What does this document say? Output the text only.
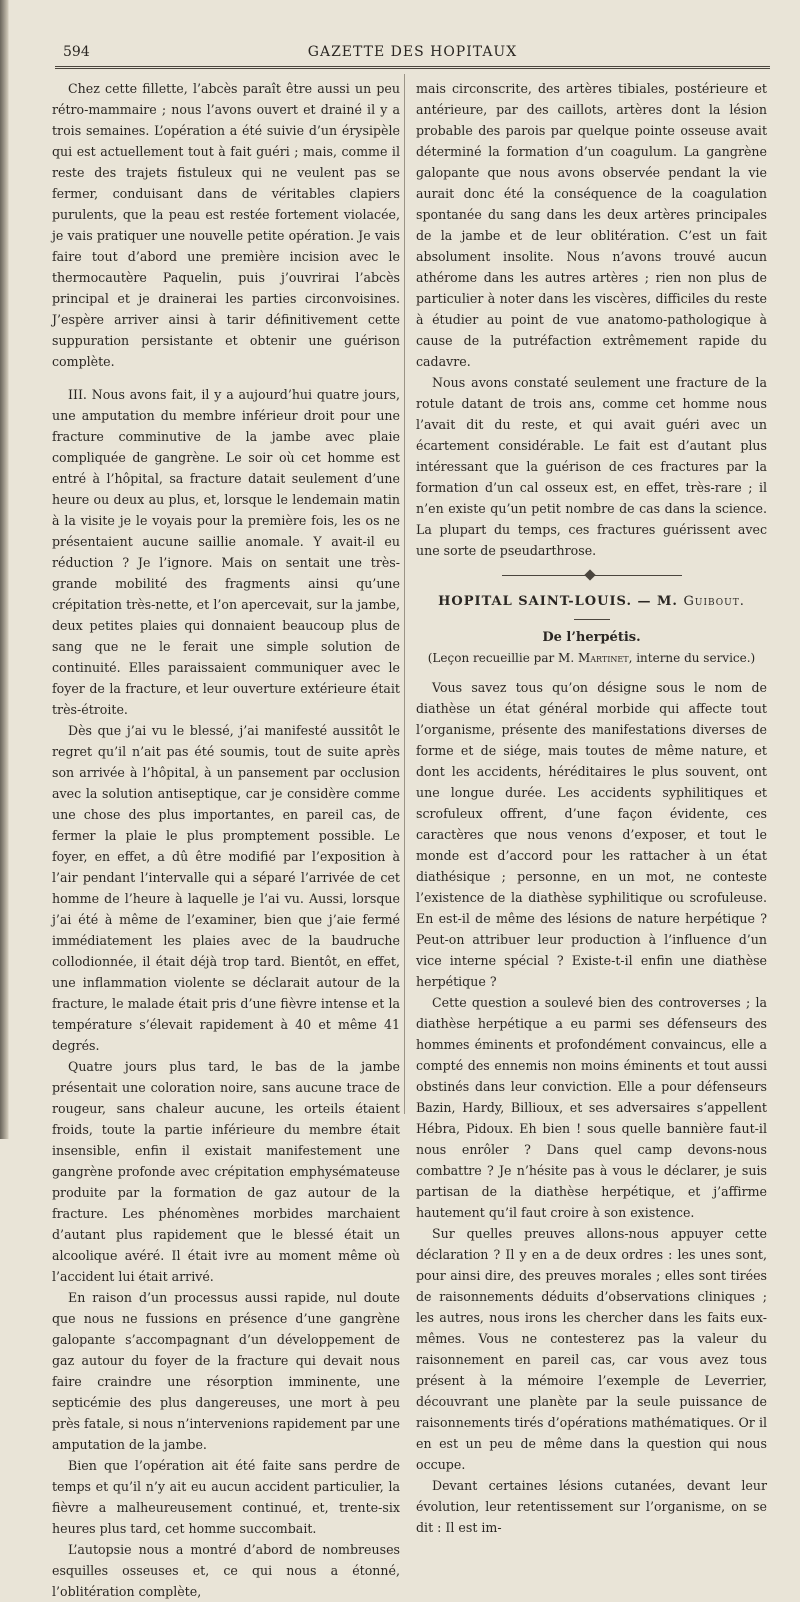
594	GAZETTE DES HOPITAUX

Chez cette fillette, l’abcès paraît être aussi un peu rétro-mammaire ; nous l’avons ouvert et drainé il y a trois semaines. L’opération a été suivie d’un érysipèle qui est actuellement tout à fait guéri ; mais, comme il reste des trajets fistuleux qui ne veulent pas se fermer, conduisant dans de véritables clapiers purulents, que la peau est restée fortement violacée, je vais pratiquer une nouvelle petite opération. Je vais faire tout d’abord une première incision avec le thermocautère Paquelin, puis j’ouvrirai l’abcès principal et je drainerai les parties circonvoisines. J’espère arriver ainsi à tarir définitivement cette suppuration persistante et obtenir une guérison complète.

III. Nous avons fait, il y a aujourd’hui quatre jours, une amputation du membre inférieur droit pour une fracture comminutive de la jambe avec plaie compliquée de gangrène. Le soir où cet homme est entré à l’hôpital, sa fracture datait seulement d’une heure ou deux au plus, et, lorsque le lendemain matin à la visite je le voyais pour la première fois, les os ne présentaient aucune saillie anomale. Y avait-il eu réduction ? Je l’ignore. Mais on sentait une très-grande mobilité des fragments ainsi qu’une crépitation très-nette, et l’on apercevait, sur la jambe, deux petites plaies qui donnaient beaucoup plus de sang que ne le ferait une simple solution de continuité. Elles paraissaient communiquer avec le foyer de la fracture, et leur ouverture extérieure était très-étroite.

Dès que j’ai vu le blessé, j’ai manifesté aussitôt le regret qu’il n’ait pas été soumis, tout de suite après son arrivée à l’hôpital, à un pansement par occlusion avec la solution antiseptique, car je considère comme une chose des plus importantes, en pareil cas, de fermer la plaie le plus promptement possible. Le foyer, en effet, a dû être modifié par l’exposition à l’air pendant l’intervalle qui a séparé l’arrivée de cet homme de l’heure à laquelle je l’ai vu. Aussi, lorsque j’ai été à même de l’examiner, bien que j’aie fermé immédiatement les plaies avec de la baudruche collodionnée, il était déjà trop tard. Bientôt, en effet, une inflammation violente se déclarait autour de la fracture, le malade était pris d’une fièvre intense et la température s’élevait rapidement à 40 et même 41 degrés.

Quatre jours plus tard, le bas de la jambe présentait une coloration noire, sans aucune trace de rougeur, sans chaleur aucune, les orteils étaient froids, toute la partie inférieure du membre était insensible, enfin il existait manifestement une gangrène profonde avec crépitation emphysémateuse produite par la formation de gaz autour de la fracture. Les phénomènes morbides marchaient d’autant plus rapidement que le blessé était un alcoolique avéré. Il était ivre au moment même où l’accident lui était arrivé.

En raison d’un processus aussi rapide, nul doute que nous ne fussions en présence d’une gangrène galopante s’accompagnant d’un développement de gaz autour du foyer de la fracture qui devait nous faire craindre une résorption imminente, une septicémie des plus dangereuses, une mort à peu près fatale, si nous n’intervenions rapidement par une amputation de la jambe.

Bien que l’opération ait été faite sans perdre de temps et qu’il n’y ait eu aucun accident particulier, la fièvre a malheureusement continué, et, trente-six heures plus tard, cet homme succombait.

L’autopsie nous a montré d’abord de nombreuses esquilles osseuses et, ce qui nous a étonné, l’oblitération complète,

mais circonscrite, des artères tibiales, postérieure et antérieure, par des caillots, artères dont la lésion probable des parois par quelque pointe osseuse avait déterminé la formation d’un coagulum. La gangrène galopante que nous avons observée pendant la vie aurait donc été la conséquence de la coagulation spontanée du sang dans les deux artères principales de la jambe et de leur oblitération. C’est un fait absolument insolite. Nous n’avons trouvé aucun athérome dans les autres artères ; rien non plus de particulier à noter dans les viscères, difficiles du reste à étudier au point de vue anatomo-pathologique à cause de la putréfaction extrêmement rapide du cadavre.

Nous avons constaté seulement une fracture de la rotule datant de trois ans, comme cet homme nous l’avait dit du reste, et qui avait guéri avec un écartement considérable. Le fait est d’autant plus intéressant que la guérison de ces fractures par la formation d’un cal osseux est, en effet, très-rare ; il n’en existe qu’un petit nombre de cas dans la science. La plupart du temps, ces fractures guérissent avec une sorte de pseudarthrose.

HOPITAL SAINT-LOUIS. — M. Guibout.
De l’herpétis.
(Leçon recueillie par M. Martinet, interne du service.)

Vous savez tous qu’on désigne sous le nom de diathèse un état général morbide qui affecte tout l’organisme, présente des manifestations diverses de forme et de siége, mais toutes de même nature, et dont les accidents, héréditaires le plus souvent, ont une longue durée. Les accidents syphilitiques et scrofuleux offrent, d’une façon évidente, ces caractères que nous venons d’exposer, et tout le monde est d’accord pour les rattacher à un état diathésique ; personne, en un mot, ne conteste l’existence de la diathèse syphilitique ou scrofuleuse. En est-il de même des lésions de nature herpétique ? Peut-on attribuer leur production à l’influence d’un vice interne spécial ? Existe-t-il enfin une diathèse herpétique ?

Cette question a soulevé bien des controverses ; la diathèse herpétique a eu parmi ses défenseurs des hommes éminents et profondément convaincus, elle a compté des ennemis non moins éminents et tout aussi obstinés dans leur conviction. Elle a pour défenseurs Bazin, Hardy, Billioux, et ses adversaires s’appellent Hébra, Pidoux. Eh bien ! sous quelle bannière faut-il nous enrôler ? Dans quel camp devons-nous combattre ? Je n’hésite pas à vous le déclarer, je suis partisan de la diathèse herpétique, et j’affirme hautement qu’il faut croire à son existence.

Sur quelles preuves allons-nous appuyer cette déclaration ? Il y en a de deux ordres : les unes sont, pour ainsi dire, des preuves morales ; elles sont tirées de raisonnements déduits d’observations cliniques ; les autres, nous irons les chercher dans les faits eux-mêmes. Vous ne contesterez pas la valeur du raisonnement en pareil cas, car vous avez tous présent à la mémoire l’exemple de Leverrier, découvrant une planète par la seule puissance de raisonnements tirés d’opérations mathématiques. Or il en est un peu de même dans la question qui nous occupe.

Devant certaines lésions cutanées, devant leur évolution, leur retentissement sur l’organisme, on se dit : Il est im-
